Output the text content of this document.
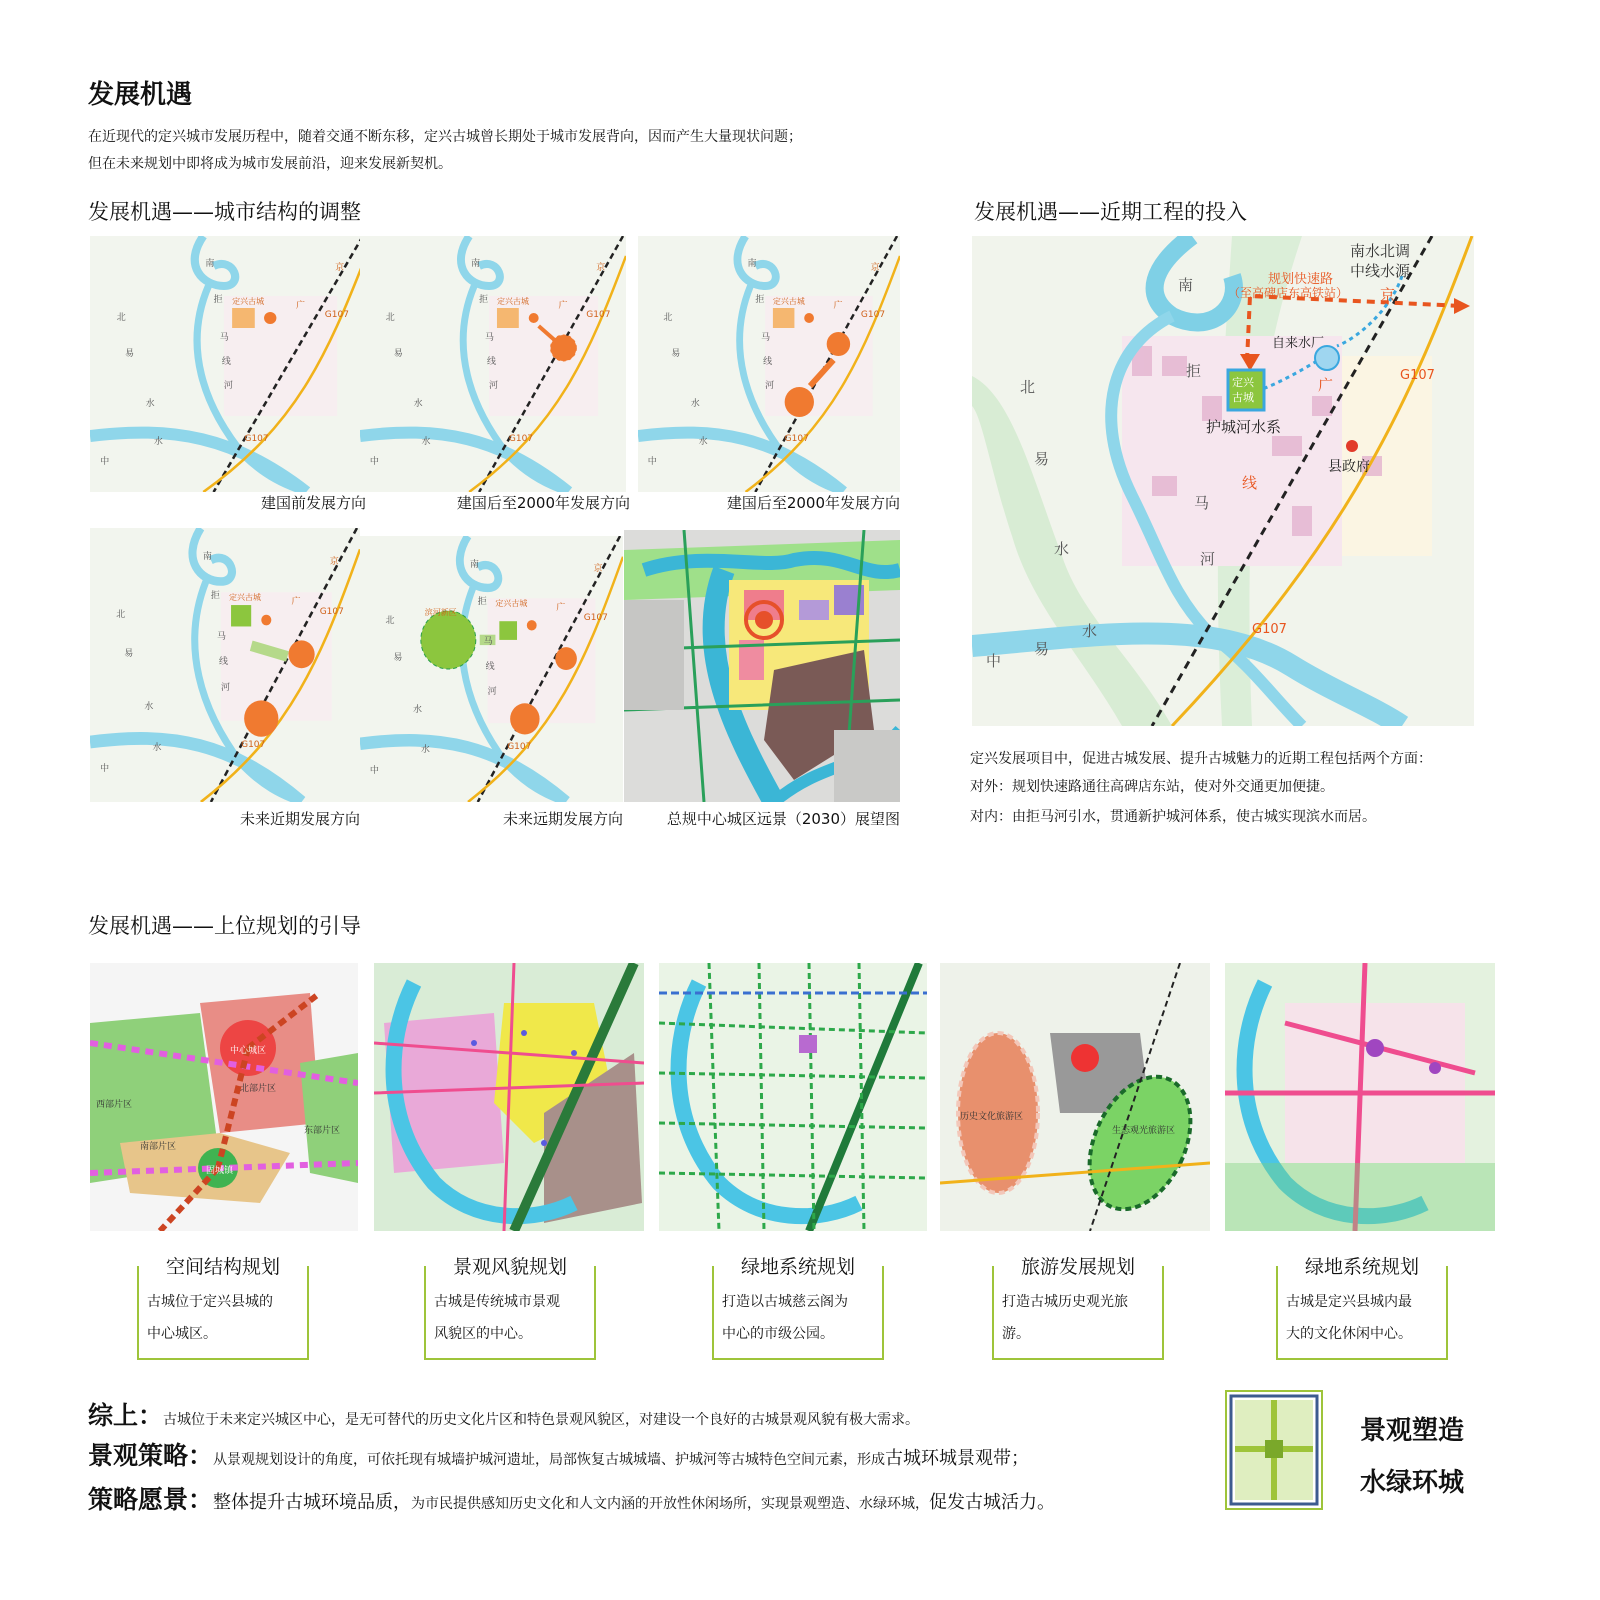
发展机遇
在近现代的定兴城市发展历程中，随着交通不断东移，定兴古城曾长期处于城市发展背向，因而产生大量现状问题；
但在未来规划中即将成为城市发展前沿，迎来发展新契机。
发展机遇——城市结构的调整
南
拒
马
河
线
北
易
水
水
中
京
广
G107
G107
定兴古城
南
拒
马
河
线
北
易
水
水
中
京
广
G107
G107
定兴古城
南
拒
马
河
线
北
易
水
水
中
京
广
G107
G107
定兴古城
南
拒
马
河
线
北
易
水
水
中
京
广
G107
G107
定兴古城
南
拒
马
河
线
北
易
水
水
中
京
广
G107
G107
定兴古城
滨河新区
建国前发展方向	建国后至2000年发展方向	建国后至2000年发展方向
未来近期发展方向	未来远期发展方向	总规中心城区远景（2030）展望图
发展机遇——近期工程的投入
南水北调
中线水源
规划快速路
（至高碑店东高铁站）
自来水厂
定兴
古城
护城河水系
县政府
G107
G107
南
拒
马
河
北
易
水
水
中
易
京
广
线
定兴发展项目中，促进古城发展、提升古城魅力的近期工程包括两个方面：
对外：规划快速路通往高碑店东站，使对外交通更加便捷。
对内：由拒马河引水，贯通新护城河体系，使古城实现滨水而居。
发展机遇——上位规划的引导
中心城区
北部片区
西部片区
南部片区
东部片区
固城镇
历史文化旅游区
生态观光旅游区
空间结构规划
古城位于定兴县城的
中心城区。
景观风貌规划
古城是传统城市景观
风貌区的中心。
绿地系统规划
打造以古城慈云阁为
中心的市级公园。
旅游发展规划
打造古城历史观光旅
游。
绿地系统规划
古城是定兴县城内最
大的文化休闲中心。
综上：古城位于未来定兴城区中心，是无可替代的历史文化片区和特色景观风貌区，对建设一个良好的古城景观风貌有极大需求。
景观策略：从景观规划设计的角度，可依托现有城墙护城河遗址，局部恢复古城城墙、护城河等古城特色空间元素，形成古城环城景观带；
策略愿景：整体提升古城环境品质，为市民提供感知历史文化和人文内涵的开放性休闲场所，实现景观塑造、水绿环城，促发古城活力。
景观塑造
水绿环城
